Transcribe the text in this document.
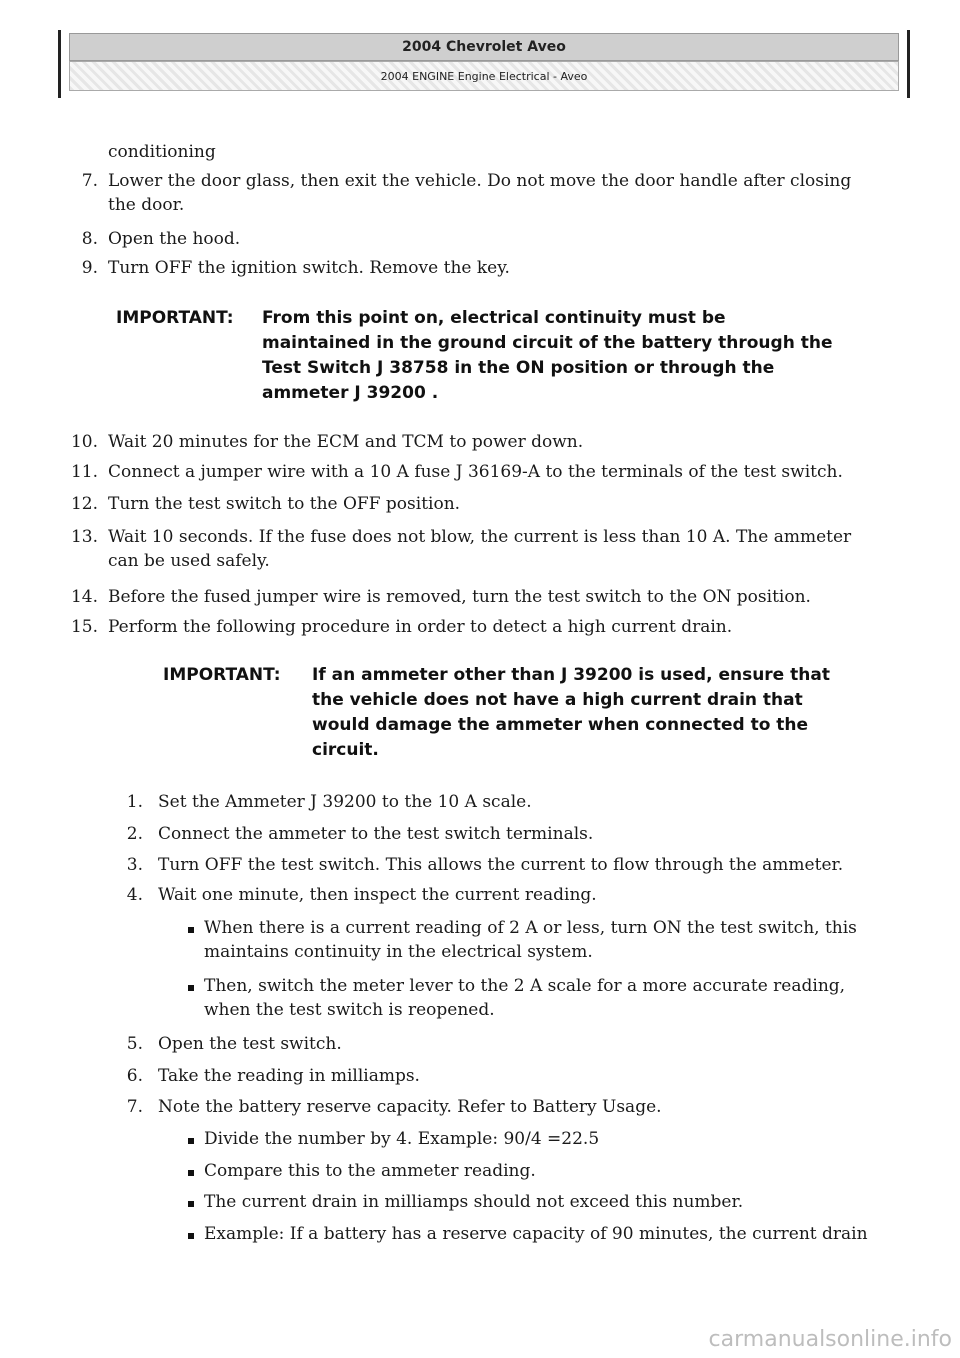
2004 Chevrolet Aveo
2004 ENGINE Engine Electrical - Aveo
conditioning
7. Lower the door glass, then exit the vehicle. Do not move the door handle after closing
the door.
8. Open the hood.
9. Turn OFF the ignition switch. Remove the key.
IMPORTANT: From this point on, electrical continuity must be
maintained in the ground circuit of the battery through the
Test Switch J 38758 in the ON position or through the
ammeter J 39200 .
10. Wait 20 minutes for the ECM and TCM to power down.
11. Connect a jumper wire with a 10 A fuse J 36169-A to the terminals of the test switch.
12. Turn the test switch to the OFF position.
13. Wait 10 seconds. If the fuse does not blow, the current is less than 10 A. The ammeter
can be used safely.
14. Before the fused jumper wire is removed, turn the test switch to the ON position.
15. Perform the following procedure in order to detect a high current drain.
IMPORTANT: If an ammeter other than J 39200 is used, ensure that
the vehicle does not have a high current drain that
would damage the ammeter when connected to the
circuit.
1. Set the Ammeter J 39200 to the 10 A scale.
2. Connect the ammeter to the test switch terminals.
3. Turn OFF the test switch. This allows the current to flow through the ammeter.
4. Wait one minute, then inspect the current reading.
When there is a current reading of 2 A or less, turn ON the test switch, this
maintains continuity in the electrical system.
Then, switch the meter lever to the 2 A scale for a more accurate reading,
when the test switch is reopened.
5. Open the test switch.
6. Take the reading in milliamps.
7. Note the battery reserve capacity. Refer to Battery Usage.
Divide the number by 4. Example: 90/4 =22.5
Compare this to the ammeter reading.
The current drain in milliamps should not exceed this number.
Example: If a battery has a reserve capacity of 90 minutes, the current drain
carmanualsonline.info
